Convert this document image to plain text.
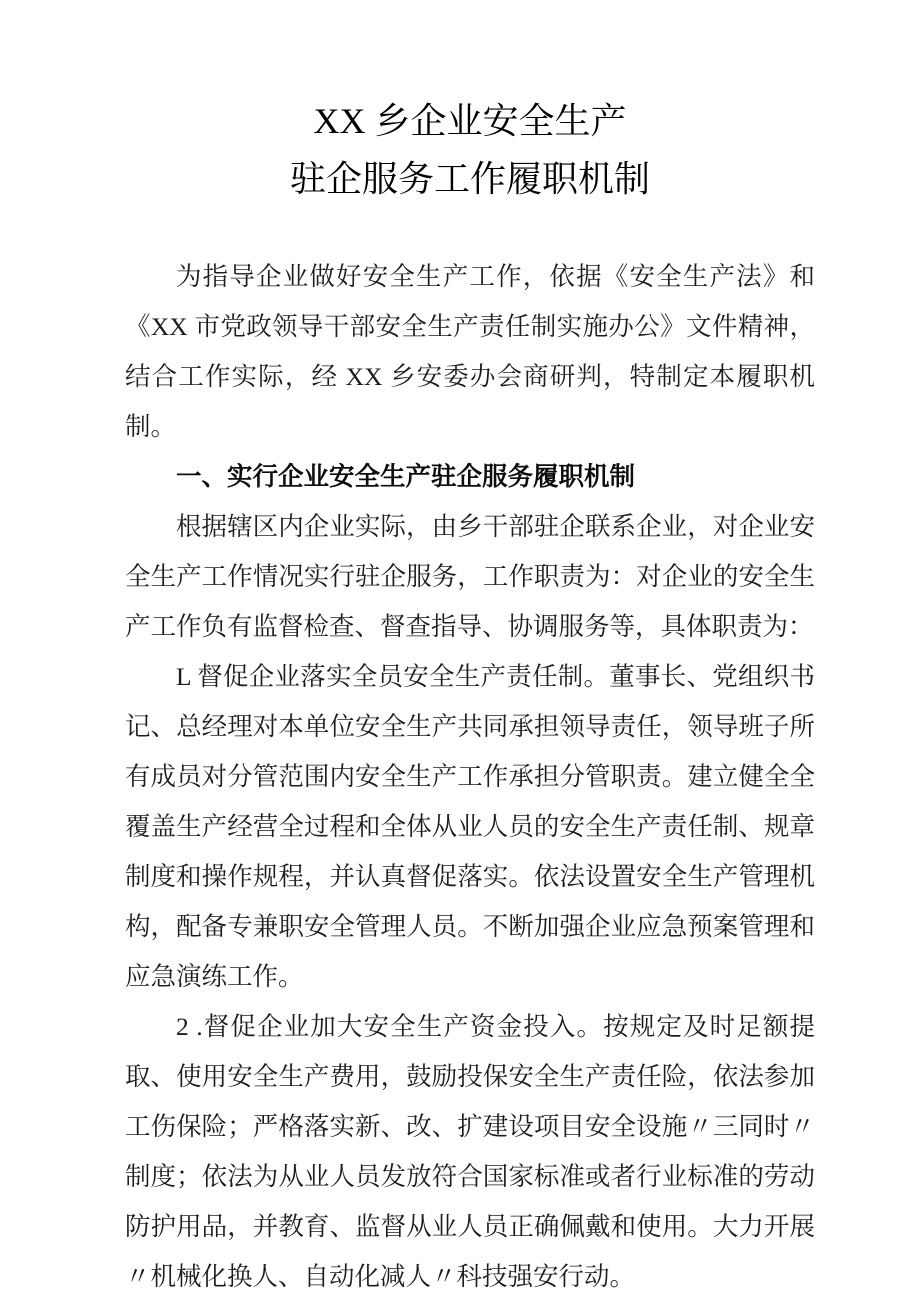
XX 乡企业安全生产
驻企服务工作履职机制

为指导企业做好安全生产工作，依据《安全生产法》和《XX 市党政领导干部安全生产责任制实施办公》文件精神，结合工作实际，经 XX 乡安委办会商研判，特制定本履职机制。

一、实行企业安全生产驻企服务履职机制

根据辖区内企业实际，由乡干部驻企联系企业，对企业安全生产工作情况实行驻企服务，工作职责为：对企业的安全生产工作负有监督检查、督查指导、协调服务等，具体职责为：

L 督促企业落实全员安全生产责任制。董事长、党组织书记、总经理对本单位安全生产共同承担领导责任，领导班子所有成员对分管范围内安全生产工作承担分管职责。建立健全全覆盖生产经营全过程和全体从业人员的安全生产责任制、规章制度和操作规程，并认真督促落实。依法设置安全生产管理机构，配备专兼职安全管理人员。不断加强企业应急预案管理和应急演练工作。

2 .督促企业加大安全生产资金投入。按规定及时足额提取、使用安全生产费用，鼓励投保安全生产责任险，依法参加工伤保险；严格落实新、改、扩建设项目安全设施〃三同时〃制度；依法为从业人员发放符合国家标准或者行业标准的劳动防护用品，并教育、监督从业人员正确佩戴和使用。大力开展〃机械化换人、自动化减人〃科技强安行动。
